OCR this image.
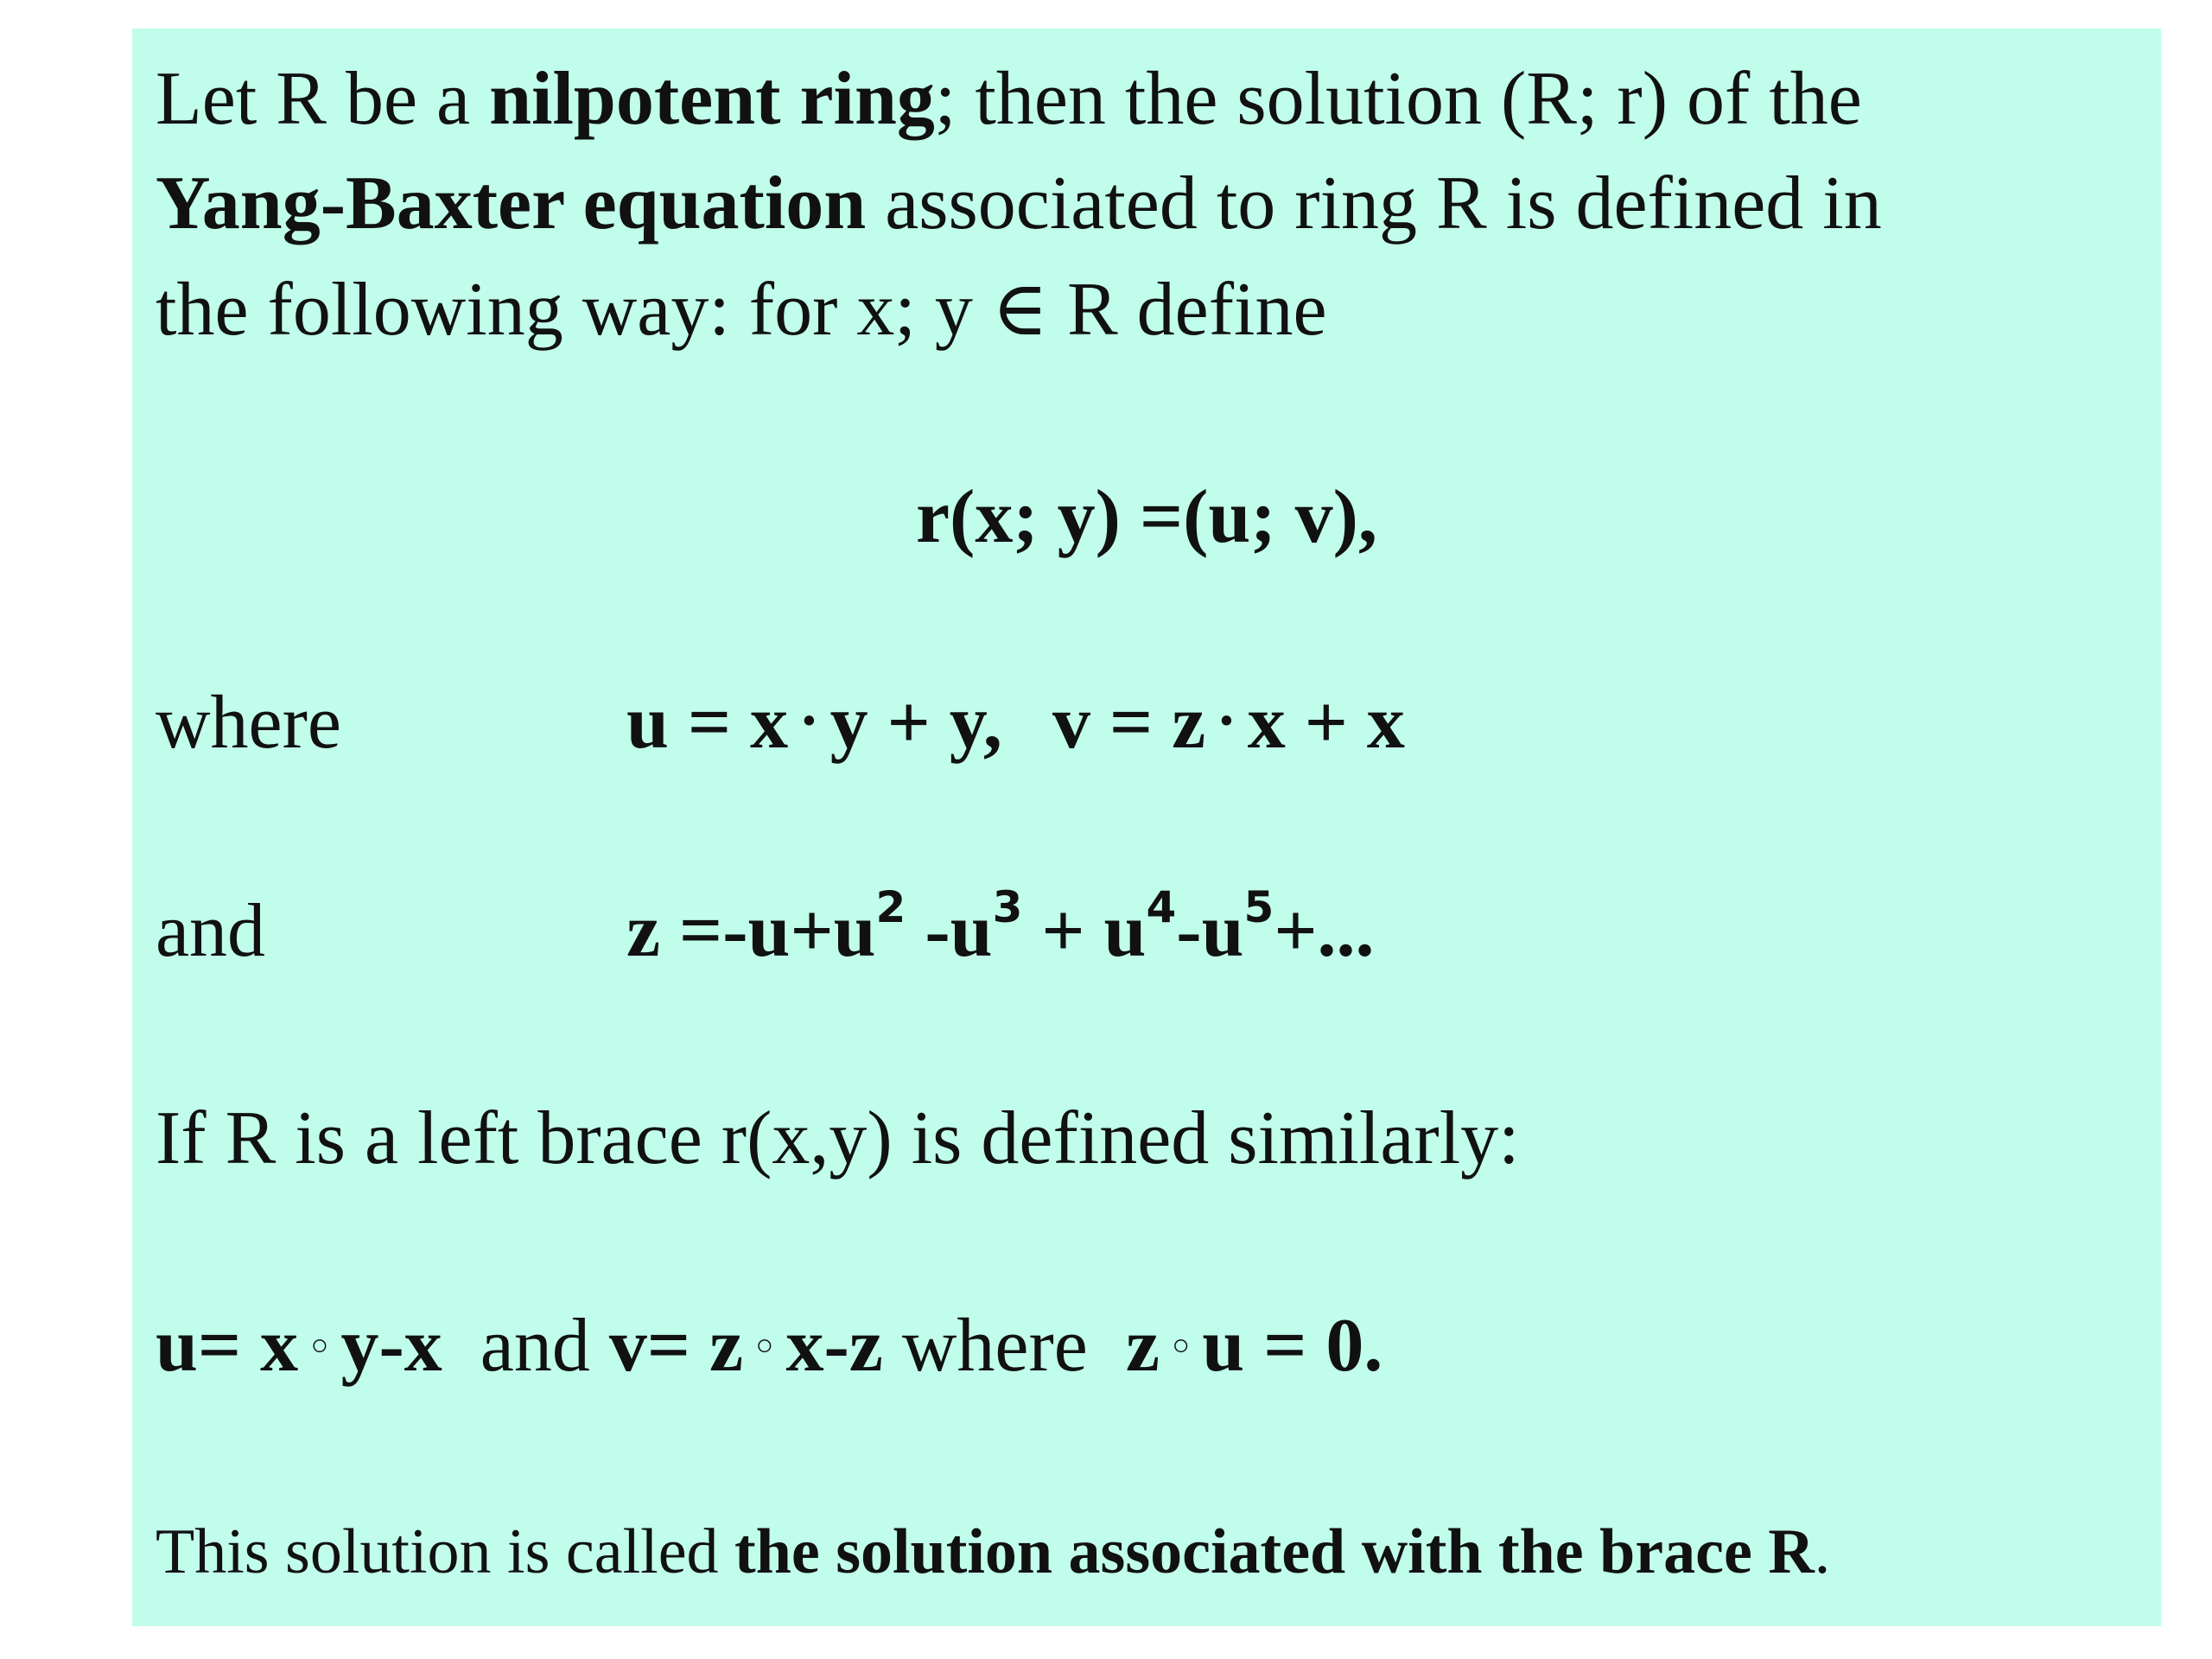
Let R be a nilpotent ring; then the solution (R; r) of the
Yang-Baxter equation associated to ring R is defined in
the following way: for x; y ∈ R define
r(x; y) =(u; v),
where	u = x · y + y, v = z · x + x
and	$z =-u+u^2$ $-u^3 + u^4-u^5+$...
If R is a left brace r(x,y) is defined similarly:
u= x ◦ y-x  and v= z ◦ x-z where  z ◦ u = 0.
This solution is called the solution associated with the brace R.
